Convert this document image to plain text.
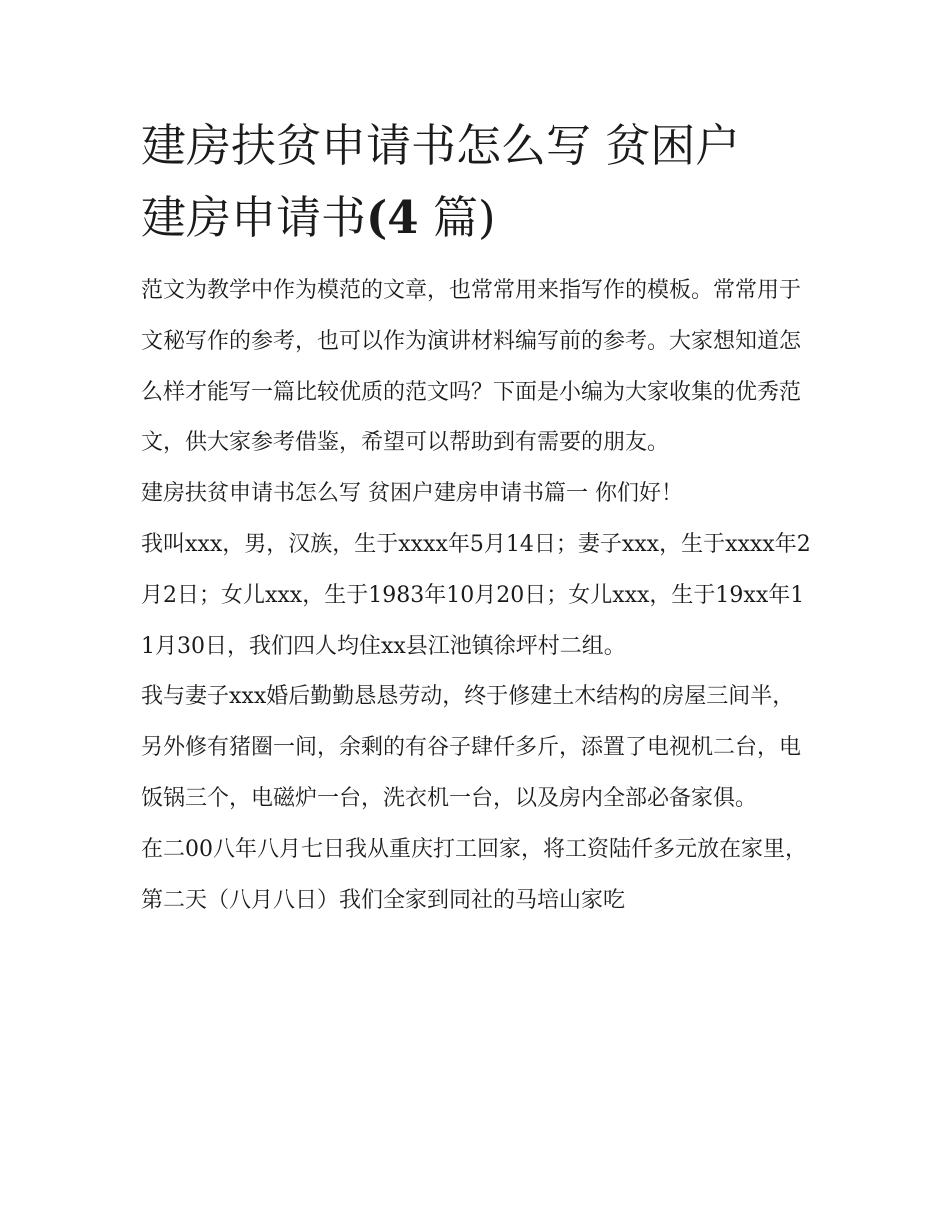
建房扶贫申请书怎么写 贫困户
建房申请书(4 篇)

范文为教学中作为模范的文章，也常常用来指写作的模板。常常用于文秘写作的参考，也可以作为演讲材料编写前的参考。大家想知道怎么样才能写一篇比较优质的范文吗？下面是小编为大家收集的优秀范文，供大家参考借鉴，希望可以帮助到有需要的朋友。

建房扶贫申请书怎么写 贫困户建房申请书篇一 你们好！

我叫xxx，男，汉族，生于xxxx年5月14日；妻子xxx，生于xxxx年2月2日；女儿xxx，生于1983年10月20日；女儿xxx，生于19xx年11月30日，我们四人均住xx县江池镇徐坪村二组。

我与妻子xxx婚后勤勤恳恳劳动，终于修建土木结构的房屋三间半，另外修有猪圈一间，余剩的有谷子肆仟多斤，添置了电视机二台，电饭锅三个，电磁炉一台，洗衣机一台，以及房内全部必备家俱。

在二00八年八月七日我从重庆打工回家，将工资陆仟多元放在家里，第二天（八月八日）我们全家到同社的马培山家吃
